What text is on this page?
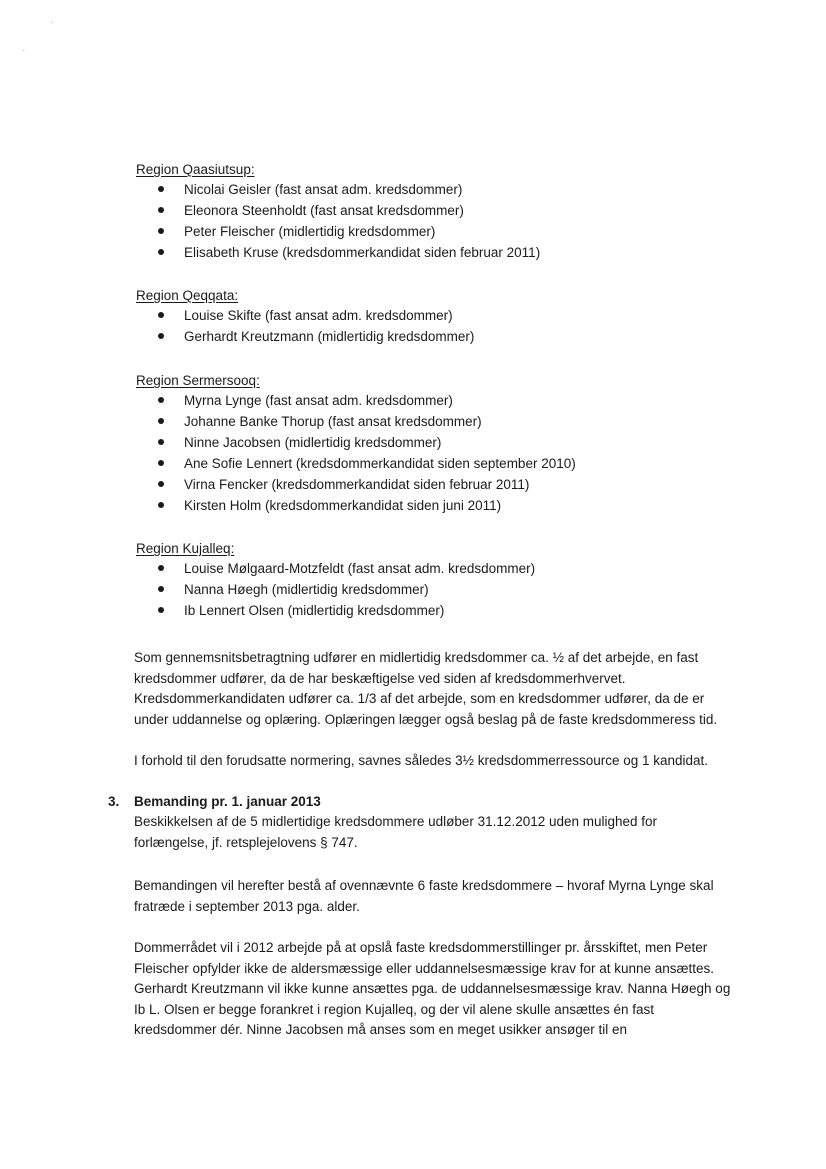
ˏ
ˏ

Region Qaasiutsup:

Nicolai Geisler (fast ansat adm. kredsdommer)
Eleonora Steenholdt (fast ansat kredsdommer)
Peter Fleischer (midlertidig kredsdommer)
Elisabeth Kruse (kredsdommerkandidat siden februar 2011)

Region Qeqqata:

Louise Skifte (fast ansat adm. kredsdommer)
Gerhardt Kreutzmann (midlertidig kredsdommer)

Region Sermersooq:

Myrna Lynge (fast ansat adm. kredsdommer)
Johanne Banke Thorup (fast ansat kredsdommer)
Ninne Jacobsen (midlertidig kredsdommer)
Ane Sofie Lennert (kredsdommerkandidat siden september 2010)
Virna Fencker (kredsdommerkandidat siden februar 2011)
Kirsten Holm (kredsdommerkandidat siden juni 2011)

Region Kujalleq:

Louise Mølgaard-Motzfeldt (fast ansat adm. kredsdommer)
Nanna Høegh (midlertidig kredsdommer)
Ib Lennert Olsen (midlertidig kredsdommer)
Som gennemsnitsbetragtning udfører en midlertidig kredsdommer ca. ½ af det arbejde, en fast
kredsdommer udfører, da de har beskæftigelse ved siden af kredsdommerhvervet.
Kredsdommerkandidaten udfører ca. 1/3 af det arbejde, som en kredsdommer udfører, da de er
under uddannelse og oplæring. Oplæringen lægger også beslag på de faste kredsdommeress tid.
I forhold til den forudsatte normering, savnes således 3½ kredsdommerressource og 1 kandidat.

3. Bemanding pr. 1. januar 2013

Beskikkelsen af de 5 midlertidige kredsdommere udløber 31.12.2012 uden mulighed for
forlængelse, jf. retsplejelovens § 747.
Bemandingen vil herefter bestå af ovennævnte 6 faste kredsdommere – hvoraf Myrna Lynge skal
fratræde i september 2013 pga. alder.
Dommerrådet vil i 2012 arbejde på at opslå faste kredsdommerstillinger pr. årsskiftet, men Peter
Fleischer opfylder ikke de aldersmæssige eller uddannelsesmæssige krav for at kunne ansættes.
Gerhardt Kreutzmann vil ikke kunne ansættes pga. de uddannelsesmæssige krav. Nanna Høegh og
Ib L. Olsen er begge forankret i region Kujalleq, og der vil alene skulle ansættes én fast
kredsdommer dér. Ninne Jacobsen må anses som en meget usikker ansøger til en
